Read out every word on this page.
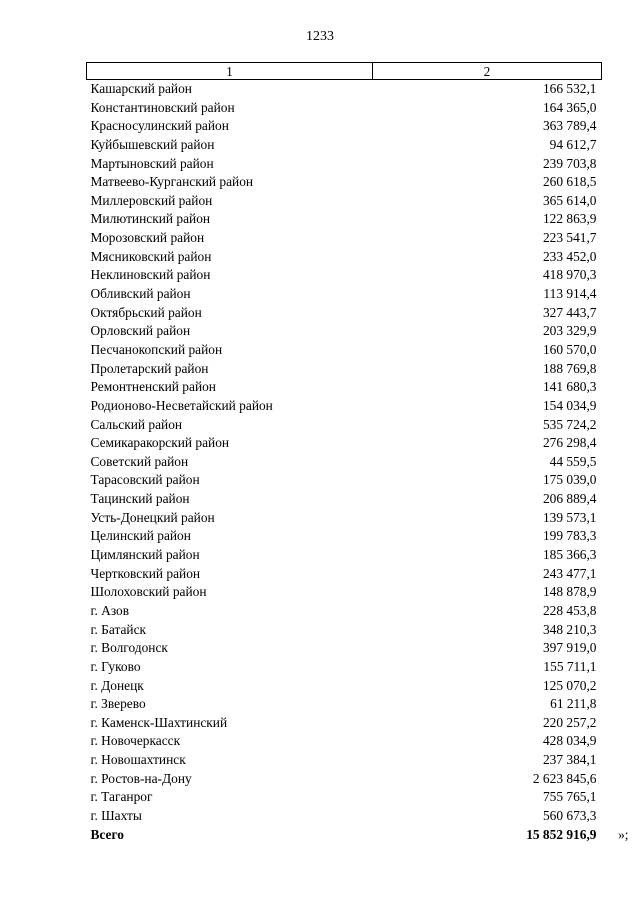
1233
1	2
Кашарский район	166 532,1
Константиновский район	164 365,0
Красносулинский район	363 789,4
Куйбышевский район	94 612,7
Мартыновский район	239 703,8
Матвеево-Курганский район	260 618,5
Миллеровский район	365 614,0
Милютинский район	122 863,9
Морозовский район	223 541,7
Мясниковский район	233 452,0
Неклиновский район	418 970,3
Обливский район	113 914,4
Октябрьский район	327 443,7
Орловский район	203 329,9
Песчанокопский район	160 570,0
Пролетарский район	188 769,8
Ремонтненский район	141 680,3
Родионово-Несветайский район	154 034,9
Сальский район	535 724,2
Семикаракорский район	276 298,4
Советский район	44 559,5
Тарасовский район	175 039,0
Тацинский район	206 889,4
Усть-Донецкий район	139 573,1
Целинский район	199 783,3
Цимлянский район	185 366,3
Чертковский район	243 477,1
Шолоховский район	148 878,9
г. Азов	228 453,8
г. Батайск	348 210,3
г. Волгодонск	397 919,0
г. Гуково	155 711,1
г. Донецк	125 070,2
г. Зверево	61 211,8
г. Каменск-Шахтинский	220 257,2
г. Новочеркасск	428 034,9
г. Новошахтинск	237 384,1
г. Ростов-на-Дону	2 623 845,6
г. Таганрог	755 765,1
г. Шахты	560 673,3
Всего	15 852 916,9 »;
